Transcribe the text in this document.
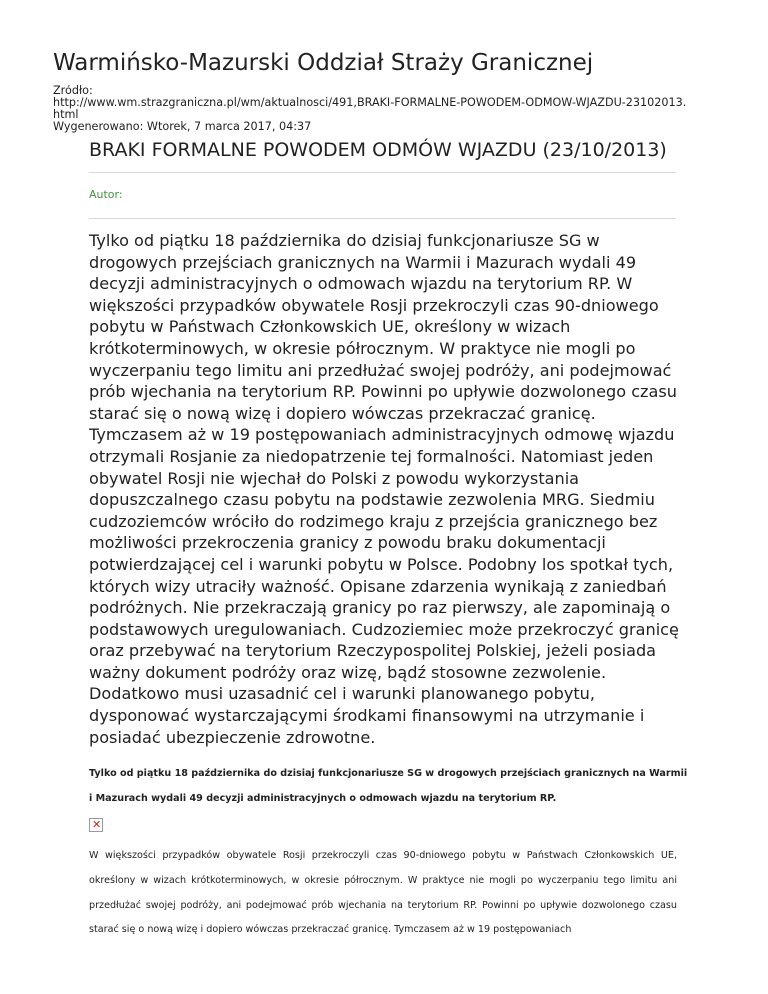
Warmińsko-Mazurski Oddział Straży Granicznej
Źródło:
http://www.wm.strazgraniczna.pl/wm/aktualnosci/491,BRAKI-FORMALNE-POWODEM-ODMOW-WJAZDU-23102013.
html
Wygenerowano: Wtorek, 7 marca 2017, 04:37
BRAKI FORMALNE POWODEM ODMÓW WJAZDU (23/10/2013)
Autor:

Tylko od piątku 18 października do dzisiaj funkcjonariusze SG w drogowych przejściach granicznych na Warmii i Mazurach wydali 49 decyzji administracyjnych o odmowach wjazdu na terytorium RP. W większości przypadków obywatele Rosji przekroczyli czas 90-dniowego pobytu w Państwach Członkowskich UE, określony w wizach krótkoterminowych, w okresie półrocznym. W praktyce nie mogli po wyczerpaniu tego limitu ani przedłużać swojej podróży, ani podejmować prób wjechania na terytorium RP. Powinni po upływie dozwolonego czasu starać się o nową wizę i dopiero wówczas przekraczać granicę. Tymczasem aż w 19 postępowaniach administracyjnych odmowę wjazdu otrzymali Rosjanie za niedopatrzenie tej formalności. Natomiast jeden obywatel Rosji nie wjechał do Polski z powodu wykorzystania dopuszczalnego czasu pobytu na podstawie zezwolenia MRG. Siedmiu cudzoziemców wróciło do rodzimego kraju z przejścia granicznego bez możliwości przekroczenia granicy z powodu braku dokumentacji potwierdzającej cel i warunki pobytu w Polsce. Podobny los spotkał tych, których wizy utraciły ważność. Opisane zdarzenia wynikają z zaniedbań podróżnych. Nie przekraczają granicy po raz pierwszy, ale zapominają o podstawowych uregulowaniach. Cudzoziemiec może przekroczyć granicę oraz przebywać na terytorium Rzeczypospolitej Polskiej, jeżeli posiada ważny dokument podróży oraz wizę, bądź stosowne zezwolenie. Dodatkowo musi uzasadnić cel i warunki planowanego pobytu, dysponować wystarczającymi środkami finansowymi na utrzymanie i posiadać ubezpieczenie zdrowotne.

Tylko od piątku 18 października do dzisiaj funkcjonariusze SG w drogowych przejściach granicznych na Warmii i Mazurach wydali 49 decyzji administracyjnych o odmowach wjazdu na terytorium RP.

✕

W większości przypadków obywatele Rosji przekroczyli czas 90-dniowego pobytu w Państwach Członkowskich UE, określony w wizach krótkoterminowych, w okresie półrocznym. W praktyce nie mogli po wyczerpaniu tego limitu ani przedłużać swojej podróży, ani podejmować prób wjechania na terytorium RP. Powinni po upływie dozwolonego czasu starać się o nową wizę i dopiero wówczas przekraczać granicę. Tymczasem aż w 19 postępowaniach
